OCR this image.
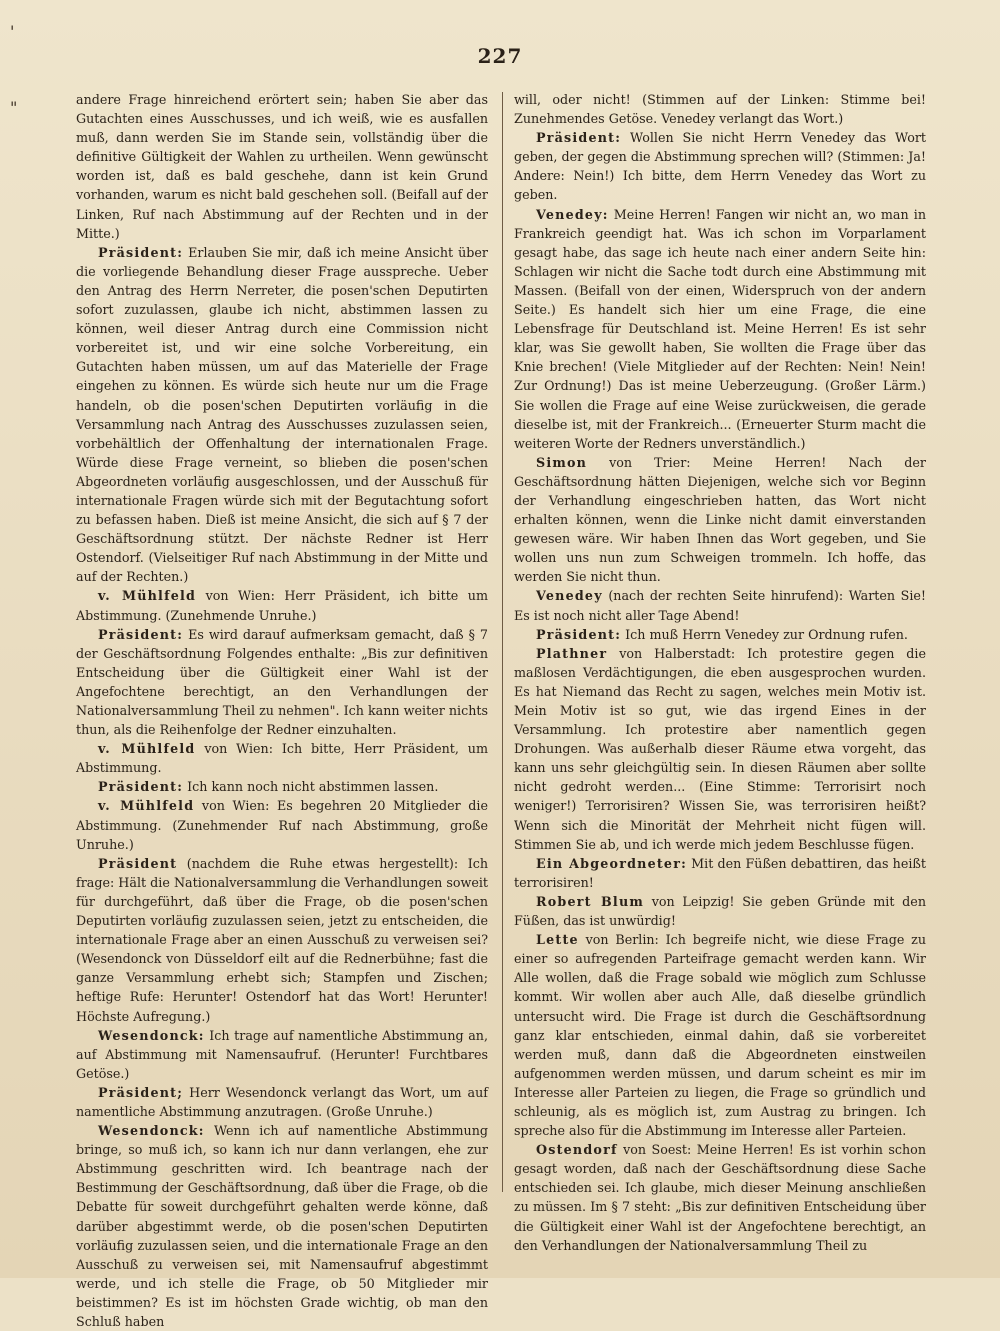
'
"
227

andere Frage hinreichend erörtert sein; haben Sie aber das Gutachten eines Ausschusses, und ich weiß, wie es ausfallen muß, dann werden Sie im Stande sein, vollständig über die definitive Gültigkeit der Wahlen zu urtheilen. Wenn gewünscht worden ist, daß es bald geschehe, dann ist kein Grund vorhanden, warum es nicht bald geschehen soll. (Beifall auf der Linken, Ruf nach Abstimmung auf der Rechten und in der Mitte.)

Präsident: Erlauben Sie mir, daß ich meine Ansicht über die vorliegende Behandlung dieser Frage ausspreche. Ueber den Antrag des Herrn Nerreter, die posen'schen Deputirten sofort zuzulassen, glaube ich nicht, abstimmen lassen zu können, weil dieser Antrag durch eine Commission nicht vorbereitet ist, und wir eine solche Vorbereitung, ein Gutachten haben müssen, um auf das Materielle der Frage eingehen zu können. Es würde sich heute nur um die Frage handeln, ob die posen'schen Deputirten vorläufig in die Versammlung nach Antrag des Ausschusses zuzulassen seien, vorbehältlich der Offenhaltung der internationalen Frage. Würde diese Frage verneint, so blieben die posen'schen Abgeordneten vorläufig ausgeschlossen, und der Ausschuß für internationale Fragen würde sich mit der Begutachtung sofort zu befassen haben. Dieß ist meine Ansicht, die sich auf § 7 der Geschäftsordnung stützt. Der nächste Redner ist Herr Ostendorf. (Vielseitiger Ruf nach Abstimmung in der Mitte und auf der Rechten.)

v. Mühlfeld von Wien: Herr Präsident, ich bitte um Abstimmung. (Zunehmende Unruhe.)

Präsident: Es wird darauf aufmerksam gemacht, daß § 7 der Geschäftsordnung Folgendes enthalte: „Bis zur definitiven Entscheidung über die Gültigkeit einer Wahl ist der Angefochtene berechtigt, an den Verhandlungen der Nationalversammlung Theil zu nehmen". Ich kann weiter nichts thun, als die Reihenfolge der Redner einzuhalten.

v. Mühlfeld von Wien: Ich bitte, Herr Präsident, um Abstimmung.

Präsident: Ich kann noch nicht abstimmen lassen.

v. Mühlfeld von Wien: Es begehren 20 Mitglieder die Abstimmung. (Zunehmender Ruf nach Abstimmung, große Unruhe.)

Präsident (nachdem die Ruhe etwas hergestellt): Ich frage: Hält die Nationalversammlung die Verhandlungen soweit für durchgeführt, daß über die Frage, ob die posen'schen Deputirten vorläufig zuzulassen seien, jetzt zu entscheiden, die internationale Frage aber an einen Ausschuß zu verweisen sei? (Wesendonck von Düsseldorf eilt auf die Rednerbühne; fast die ganze Versammlung erhebt sich; Stampfen und Zischen; heftige Rufe: Herunter! Ostendorf hat das Wort! Herunter! Höchste Aufregung.)

Wesendonck: Ich trage auf namentliche Abstimmung an, auf Abstimmung mit Namensaufruf. (Herunter! Furchtbares Getöse.)

Präsident; Herr Wesendonck verlangt das Wort, um auf namentliche Abstimmung anzutragen. (Große Unruhe.)

Wesendonck: Wenn ich auf namentliche Abstimmung bringe, so muß ich, so kann ich nur dann verlangen, ehe zur Abstimmung geschritten wird. Ich beantrage nach der Bestimmung der Geschäftsordnung, daß über die Frage, ob die Debatte für soweit durchgeführt gehalten werde könne, daß darüber abgestimmt werde, ob die posen'schen Deputirten vorläufig zuzulassen seien, und die internationale Frage an den Ausschuß zu verweisen sei, mit Namensaufruf abgestimmt werde, und ich stelle die Frage, ob 50 Mitglieder mir beistimmen? Es ist im höchsten Grade wichtig, ob man den Schluß haben

will, oder nicht! (Stimmen auf der Linken: Stimme bei! Zunehmendes Getöse. Venedey verlangt das Wort.)

Präsident: Wollen Sie nicht Herrn Venedey das Wort geben, der gegen die Abstimmung sprechen will? (Stimmen: Ja! Andere: Nein!) Ich bitte, dem Herrn Venedey das Wort zu geben.

Venedey: Meine Herren! Fangen wir nicht an, wo man in Frankreich geendigt hat. Was ich schon im Vorparlament gesagt habe, das sage ich heute nach einer andern Seite hin: Schlagen wir nicht die Sache todt durch eine Abstimmung mit Massen. (Beifall von der einen, Widerspruch von der andern Seite.) Es handelt sich hier um eine Frage, die eine Lebensfrage für Deutschland ist. Meine Herren! Es ist sehr klar, was Sie gewollt haben, Sie wollten die Frage über das Knie brechen! (Viele Mitglieder auf der Rechten: Nein! Nein! Zur Ordnung!) Das ist meine Ueberzeugung. (Großer Lärm.) Sie wollen die Frage auf eine Weise zurückweisen, die gerade dieselbe ist, mit der Frankreich... (Erneuerter Sturm macht die weiteren Worte der Redners unverständlich.)

Simon von Trier: Meine Herren! Nach der Geschäftsordnung hätten Diejenigen, welche sich vor Beginn der Verhandlung eingeschrieben hatten, das Wort nicht erhalten können, wenn die Linke nicht damit einverstanden gewesen wäre. Wir haben Ihnen das Wort gegeben, und Sie wollen uns nun zum Schweigen trommeln. Ich hoffe, das werden Sie nicht thun.

Venedey (nach der rechten Seite hinrufend): Warten Sie! Es ist noch nicht aller Tage Abend!

Präsident: Ich muß Herrn Venedey zur Ordnung rufen.

Plathner von Halberstadt: Ich protestire gegen die maßlosen Verdächtigungen, die eben ausgesprochen wurden. Es hat Niemand das Recht zu sagen, welches mein Motiv ist. Mein Motiv ist so gut, wie das irgend Eines in der Versammlung. Ich protestire aber namentlich gegen Drohungen. Was außerhalb dieser Räume etwa vorgeht, das kann uns sehr gleichgültig sein. In diesen Räumen aber sollte nicht gedroht werden... (Eine Stimme: Terrorisirt noch weniger!) Terrorisiren? Wissen Sie, was terrorisiren heißt? Wenn sich die Minorität der Mehrheit nicht fügen will. Stimmen Sie ab, und ich werde mich jedem Beschlusse fügen.

Ein Abgeordneter: Mit den Füßen debattiren, das heißt terrorisiren!

Robert Blum von Leipzig! Sie geben Gründe mit den Füßen, das ist unwürdig!

Lette von Berlin: Ich begreife nicht, wie diese Frage zu einer so aufregenden Parteifrage gemacht werden kann. Wir Alle wollen, daß die Frage sobald wie möglich zum Schlusse kommt. Wir wollen aber auch Alle, daß dieselbe gründlich untersucht wird. Die Frage ist durch die Geschäftsordnung ganz klar entschieden, einmal dahin, daß sie vorbereitet werden muß, dann daß die Abgeordneten einstweilen aufgenommen werden müssen, und darum scheint es mir im Interesse aller Parteien zu liegen, die Frage so gründlich und schleunig, als es möglich ist, zum Austrag zu bringen. Ich spreche also für die Abstimmung im Interesse aller Parteien.

Ostendorf von Soest: Meine Herren! Es ist vorhin schon gesagt worden, daß nach der Geschäftsordnung diese Sache entschieden sei. Ich glaube, mich dieser Meinung anschließen zu müssen. Im § 7 steht: „Bis zur definitiven Entscheidung über die Gültigkeit einer Wahl ist der Angefochtene berechtigt, an den Verhandlungen der Nationalversammlung Theil zu
